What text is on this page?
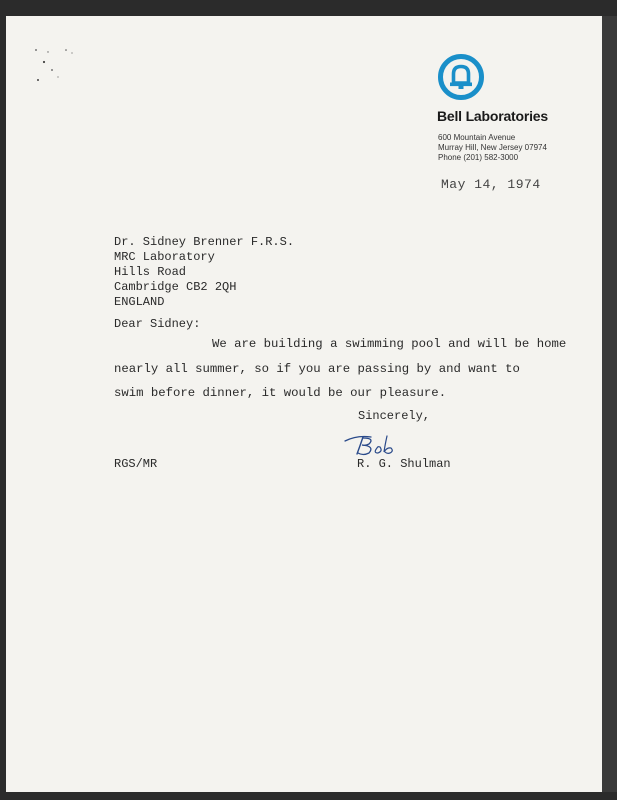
Bell Laboratories
600 Mountain Avenue
Murray Hill, New Jersey 07974
Phone (201) 582-3000
May 14, 1974
Dr. Sidney Brenner F.R.S.
MRC Laboratory
Hills Road
Cambridge CB2 2QH
ENGLAND
Dear Sidney:
We are building a swimming pool and will be home
nearly all summer, so if you are passing by and want to
swim before dinner, it would be our pleasure.
Sincerely,
RGS/MR	R. G. Shulman
